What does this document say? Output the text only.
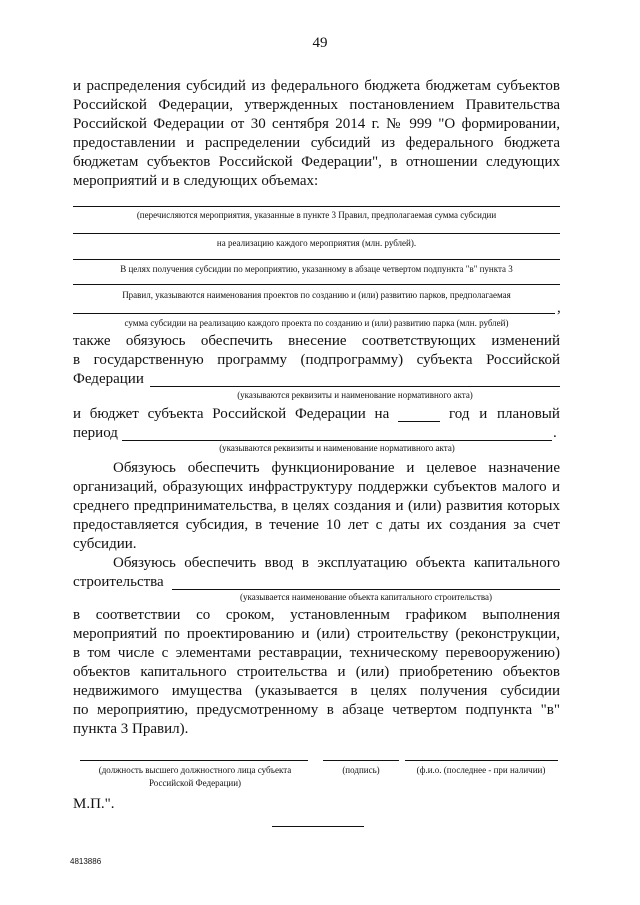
49
и распределения субсидий из федерального бюджета бюджетам субъектов
Российской Федерации, утвержденных постановлением Правительства
Российской Федерации от 30 сентября 2014 г. № 999 "О формировании,
предоставлении и распределении субсидий из федерального бюджета
бюджетам субъектов Российской Федерации", в отношении следующих
мероприятий и в следующих объемах:
(перечисляются мероприятия, указанные в пункте 3 Правил, предполагаемая сумма субсидии
на реализацию каждого мероприятия (млн. рублей).
В целях получения субсидии по мероприятию, указанному в абзаце четвертом подпункта "в" пункта 3
Правил, указываются наименования проектов по созданию и (или) развитию парков, предполагаемая
,
сумма субсидии на реализацию каждого проекта по созданию и (или) развитию парка (млн. рублей)
также обязуюсь обеспечить внесение соответствующих изменений
в государственную программу (подпрограмму) субъекта Российской
Федерации
(указываются реквизиты и наименование нормативного акта)
и бюджет субъекта Российской Федерации на	год и плановый
период	.
(указываются реквизиты и наименование нормативного акта)
Обязуюсь обеспечить функционирование и целевое назначение
организаций, образующих инфраструктуру поддержки субъектов малого и
среднего предпринимательства, в целях создания и (или) развития которых
предоставляется субсидия, в течение 10 лет с даты их создания за счет
субсидии.
Обязуюсь обеспечить ввод в эксплуатацию объекта капитального
строительства
(указывается наименование объекта капитального строительства)
в соответствии со сроком, установленным графиком выполнения
мероприятий по проектированию и (или) строительству (реконструкции,
в том числе с элементами реставрации, техническому перевооружению)
объектов капитального строительства и (или) приобретению объектов
недвижимого имущества (указывается в целях получения субсидии
по мероприятию, предусмотренному в абзаце четвертом подпункта "в"
пункта 3 Правил).
(должность высшего должностного лица субъекта
Российской Федерации)
(подпись)	(ф.и.о. (последнее - при наличии)
М.П.".
4813886
